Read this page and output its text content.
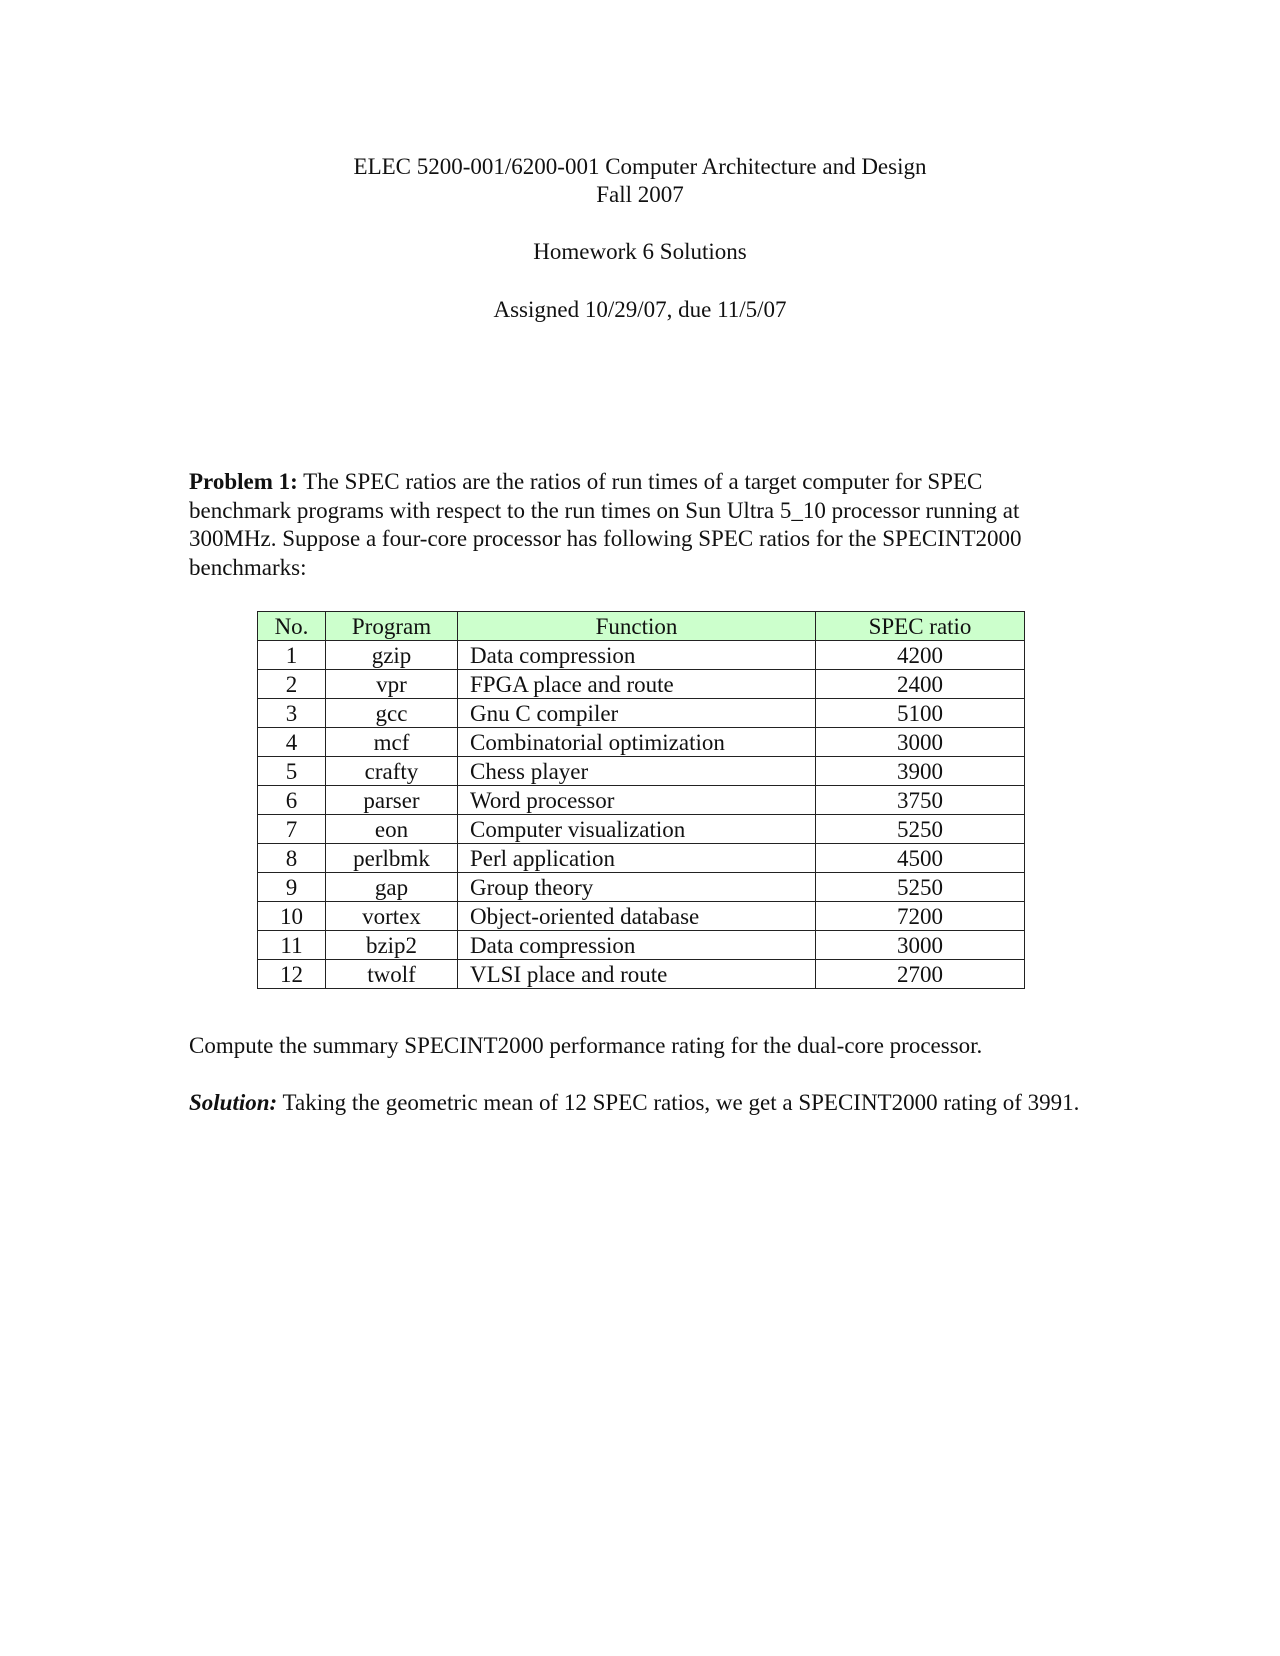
ELEC 5200-001/6200-001 Computer Architecture and Design
Fall 2007
Homework 6 Solutions
Assigned 10/29/07, due 11/5/07

Problem 1: The SPEC ratios are the ratios of run times of a target computer for SPEC benchmark programs with respect to the run times on Sun Ultra 5_10 processor running at 300MHz. Suppose a four-core processor has following SPEC ratios for the SPECINT2000 benchmarks:

No.	Program	Function	SPEC ratio
1	gzip	Data compression	4200
2	vpr	FPGA place and route	2400
3	gcc	Gnu C compiler	5100
4	mcf	Combinatorial optimization	3000
5	crafty	Chess player	3900
6	parser	Word processor	3750
7	eon	Computer visualization	5250
8	perlbmk	Perl application	4500
9	gap	Group theory	5250
10	vortex	Object-oriented database	7200
11	bzip2	Data compression	3000
12	twolf	VLSI place and route	2700

Compute the summary SPECINT2000 performance rating for the dual-core processor.

Solution: Taking the geometric mean of 12 SPEC ratios, we get a SPECINT2000 rating of 3991.
